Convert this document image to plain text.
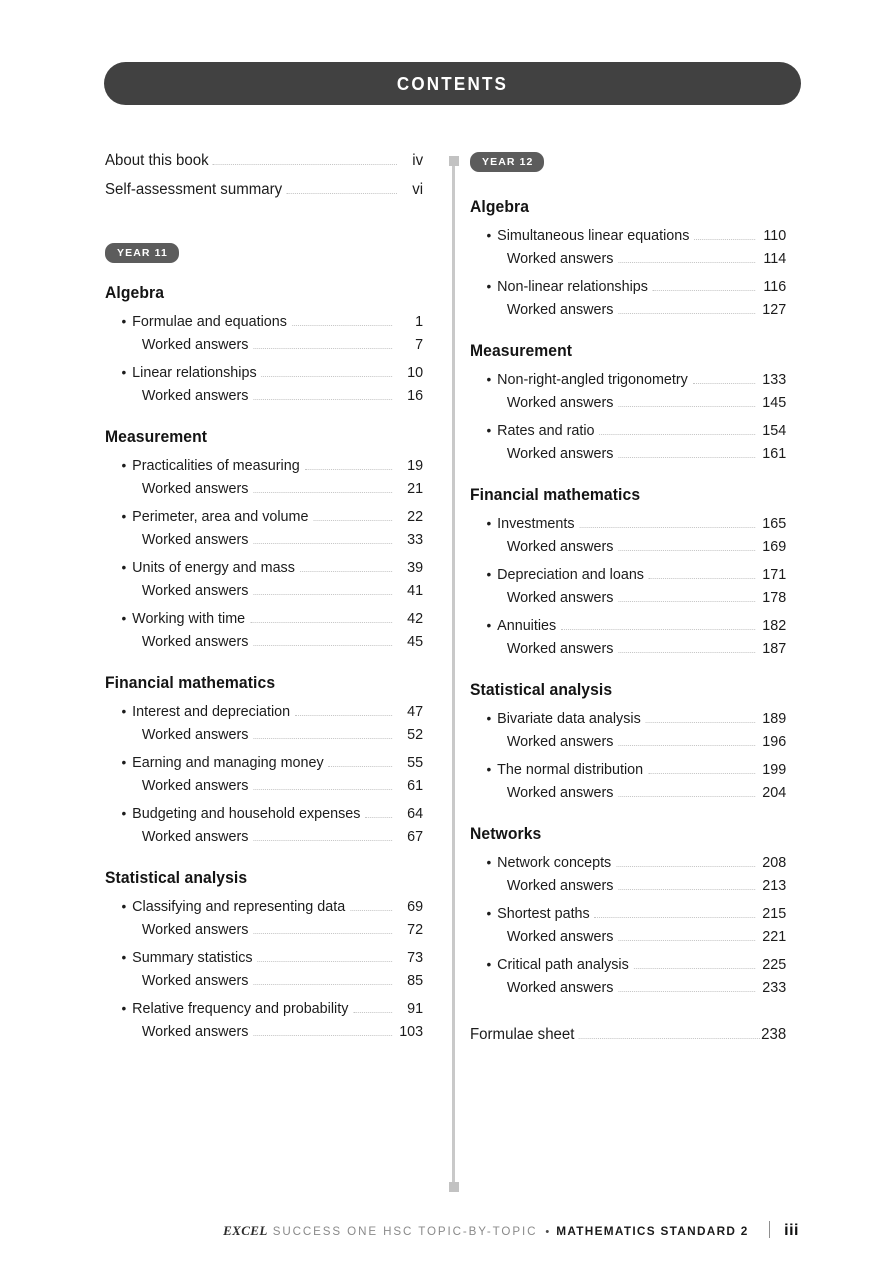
CONTENTS
About this book	iv
Self-assessment summary	vi
YEAR 11
Algebra
• Formulae and equations	1
Worked answers	7
• Linear relationships	10
Worked answers	16
Measurement
• Practicalities of measuring	19
Worked answers	21
• Perimeter, area and volume	22
Worked answers	33
• Units of energy and mass	39
Worked answers	41
• Working with time	42
Worked answers	45
Financial mathematics
• Interest and depreciation	47
Worked answers	52
• Earning and managing money	55
Worked answers	61
• Budgeting and household expenses	64
Worked answers	67
Statistical analysis
• Classifying and representing data	69
Worked answers	72
• Summary statistics	73
Worked answers	85
• Relative frequency and probability	91
Worked answers	103
YEAR 12
Algebra
• Simultaneous linear equations	110
Worked answers	114
• Non-linear relationships	116
Worked answers	127
Measurement
• Non-right-angled trigonometry	133
Worked answers	145
• Rates and ratio	154
Worked answers	161
Financial mathematics
• Investments	165
Worked answers	169
• Depreciation and loans	171
Worked answers	178
• Annuities	182
Worked answers	187
Statistical analysis
• Bivariate data analysis	189
Worked answers	196
• The normal distribution	199
Worked answers	204
Networks
• Network concepts	208
Worked answers	213
• Shortest paths	215
Worked answers	221
• Critical path analysis	225
Worked answers	233
Formulae sheet	238
EXCEL SUCCESS ONE HSC TOPIC-BY-TOPIC • MATHEMATICS STANDARD 2 iii
